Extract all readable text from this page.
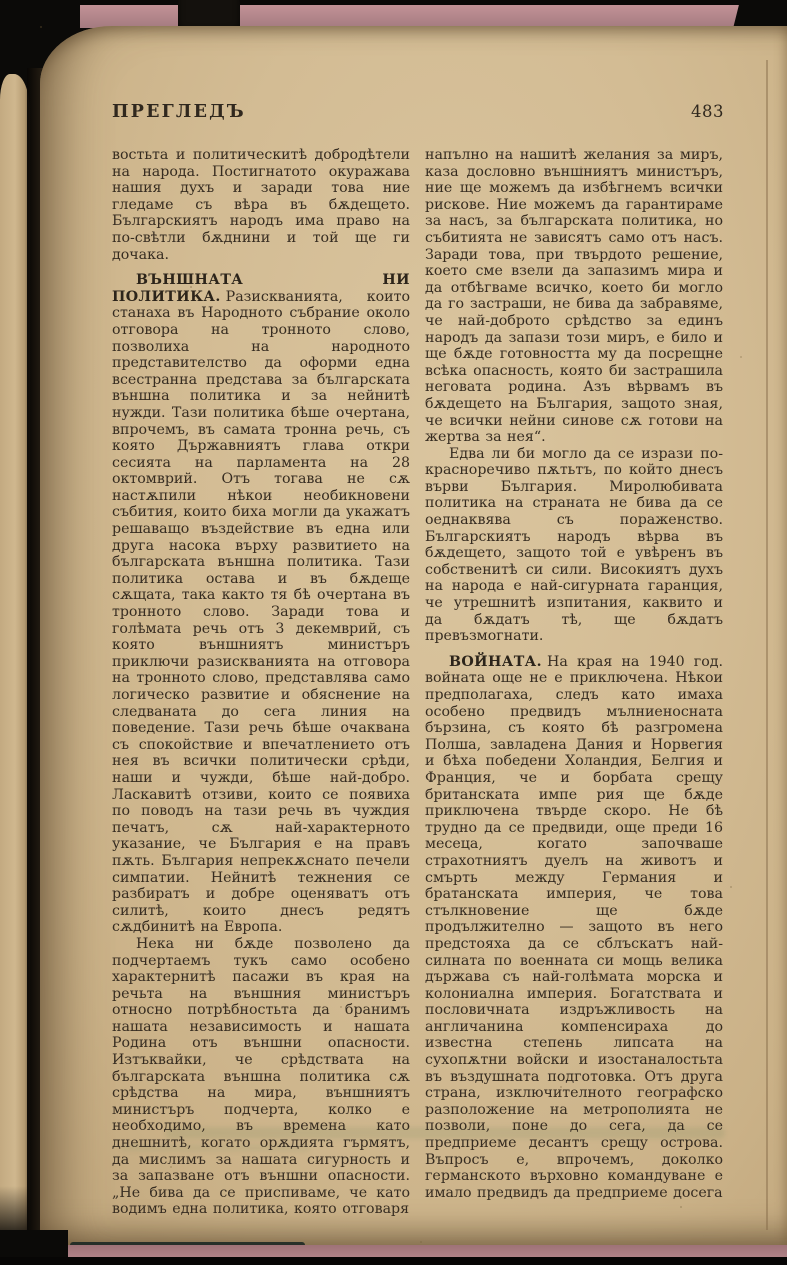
ПРЕГЛЕДЪ	483

востьта и политическитѣ добродѣтели на народа. Постигнатото окуражава нашия духъ и заради това ние гледаме съ вѣра въ бѫдещето. Българскиятъ народъ има право на по-свѣтли бѫднини и той ще ги дочака.

ВЪНШНАТА НИ ПОЛИТИКА. Разискванията, които станаха въ Народното събрание около отговора на тронното слово, позволиха на народното представителство да оформи една всестранна представа за българската външна политика и за нейнитѣ нужди. Тази политика бѣше очертана, впрочемъ, въ самата тронна речь, съ която Държавниятъ глава откри сесията на парламента на 28 октомврий. Отъ тогава не сѫ настѫпили нѣкои необикновени събития, които биха могли да укажатъ решаващо въздействие въ една или друга насока върху развитието на българската външна политика. Тази политика остава и въ бѫдеще сѫщата, така както тя бѣ очертана въ тронното слово. Заради това и голѣмата речь отъ 3 декемврий, съ която външниятъ министъръ приключи разискванията на отговора на тронното слово, представлява само логическо развитие и обяснение на следваната до сега линия на поведение. Тази речь бѣше очаквана съ спокойствие и впечатлението отъ нея въ всички политически срѣди, наши и чужди, бѣше най-добро. Ласкавитѣ отзиви, които се появиха по поводъ на тази речь въ чуждия печатъ, сѫ най-характерното указание, че България е на правъ пѫть. България непрекѫснато печели симпатии. Нейнитѣ тежнения се разбиратъ и добре оценяватъ отъ силитѣ, които днесъ редятъ сѫдбинитѣ на Европа.

Нека ни бѫде позволено да подчертаемъ тукъ само особено характернитѣ пасажи въ края на речьта на външния министъръ относно потрѣбностьта да бранимъ нашата независимость и нашата Родина отъ външни опасности. Изтъквайки, че срѣдствата на българската външна политика сѫ срѣдства на мира, външниятъ министъръ подчерта, колко е необходимо, въ времена като днешнитѣ, когато орѫдията гърмятъ, да мислимъ за нашата сигурность и за запазване отъ външни опасности. „Не бива да се приспиваме, че като водимъ една политика, която отговаря

напълно на нашитѣ желания за миръ, каза дословно външниятъ министъръ, ние ще можемъ да избѣгнемъ всички рискове. Ние можемъ да гарантираме за насъ, за българската политика, но събитията не зависятъ само отъ насъ. Заради това, при твърдото решение, което сме взели да запазимъ мира и да отбѣгваме всичко, което би могло да го застраши, не бива да забравяме, че най-доброто срѣдство за единъ народъ да запази този миръ, е било и ще бѫде готовността му да посрещне всѣка опасность, която би застрашила неговата родина. Азъ вѣрвамъ въ бѫдещето на България, защото зная, че всички нейни синове сѫ готови на жертва за нея“.

Едва ли би могло да се изрази по-красноречиво пѫтьтъ, по който днесъ върви България. Миролюбивата политика на страната не бива да се оеднаквява съ пораженство. Българскиятъ народъ вѣрва въ бѫдещето, защото той е увѣренъ въ собственитѣ си сили. Високиятъ духъ на народа е най-сигурната гаранция, че утрешнитѣ изпитания, каквито и да бѫдатъ тѣ, ще бѫдатъ превъзмогнати.

ВОЙНАТА. На края на 1940 год. войната още не е приключена. Нѣкои предполагаха, следъ като имаха особено предвидъ мълниеносната бързина, съ която бѣ разгромена Полша, завладена Дания и Норвегия и бѣха победени Холандия, Белгия и Франция, че и борбата срещу британската импе рия ще бѫде приключена твърде скоро. Не бѣ трудно да се предвиди, още преди 16 месеца, когато започваше страхотниятъ дуелъ на животъ и смърть между Германия и братанската империя, че това стълкновение ще бѫде продължително — защото въ него предстояха да се сблъскатъ най-силната по военната си мощь велика държава съ най-голѣмата морска и колониална империя. Богатствата и пословичната издръжливость на англичанина компенсираха до известна степень липсата на сухопѫтни войски и изостаналостьта въ въздушната подготовка. Отъ друга страна, изключителното географско разположение на метрополията не позволи, поне до сега, да се предприеме десантъ срещу острова. Въпросъ е, впрочемъ, доколко германското върховно командуване е имало предвидъ да предприеме досега
